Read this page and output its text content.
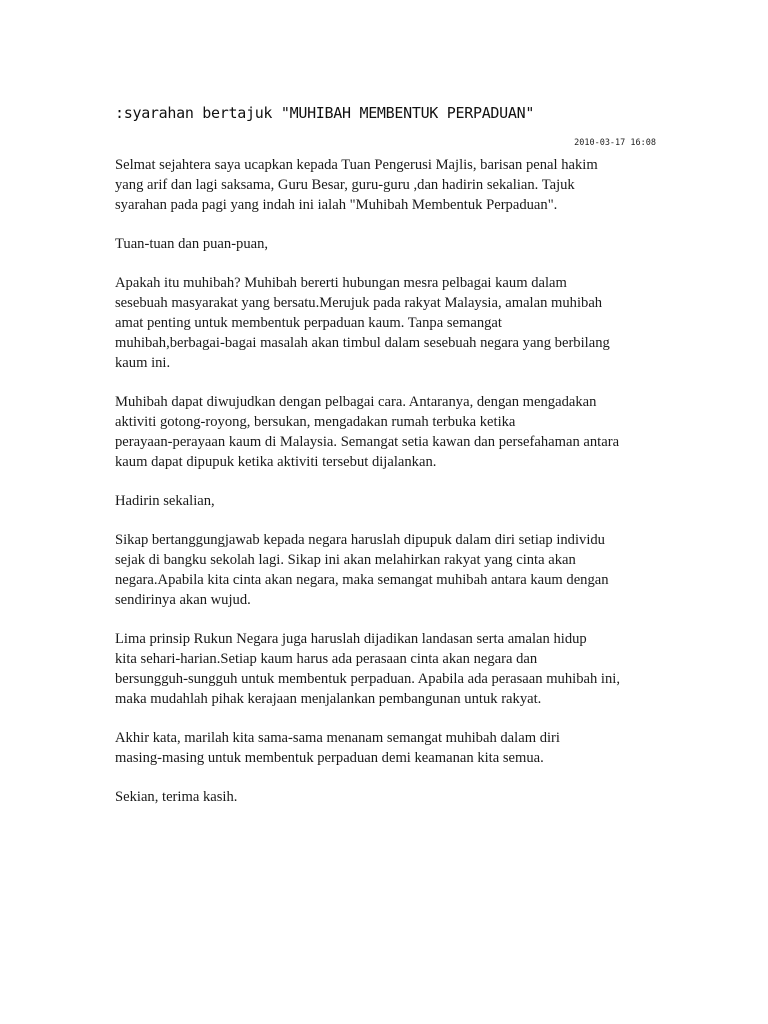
:syarahan bertajuk "MUHIBAH MEMBENTUK PERPADUAN"
2010-03-17 16:08

Selmat sejahtera saya ucapkan kepada Tuan Pengerusi Majlis, barisan penal hakim
yang arif dan lagi saksama, Guru Besar, guru-guru ,dan hadirin sekalian. Tajuk
syarahan pada pagi yang indah ini ialah "Muhibah Membentuk Perpaduan".

Tuan-tuan dan puan-puan,

Apakah itu muhibah? Muhibah bererti hubungan mesra pelbagai kaum dalam
sesebuah masyarakat yang bersatu.Merujuk pada rakyat Malaysia, amalan muhibah
amat penting untuk membentuk perpaduan kaum. Tanpa semangat
muhibah,berbagai-bagai masalah akan timbul dalam sesebuah negara yang berbilang
kaum ini.

Muhibah dapat diwujudkan dengan pelbagai cara. Antaranya, dengan mengadakan
aktiviti gotong-royong, bersukan, mengadakan rumah terbuka ketika
perayaan-perayaan kaum di Malaysia. Semangat setia kawan dan persefahaman antara
kaum dapat dipupuk ketika aktiviti tersebut dijalankan.

Hadirin sekalian,

Sikap bertanggungjawab kepada negara haruslah dipupuk dalam diri setiap individu
sejak di bangku sekolah lagi. Sikap ini akan melahirkan rakyat yang cinta akan
negara.Apabila kita cinta akan negara, maka semangat muhibah antara kaum dengan
sendirinya akan wujud.

Lima prinsip Rukun Negara juga haruslah dijadikan landasan serta amalan hidup
kita sehari-harian.Setiap kaum harus ada perasaan cinta akan negara dan
bersungguh-sungguh untuk membentuk perpaduan. Apabila ada perasaan muhibah ini,
maka mudahlah pihak kerajaan menjalankan pembangunan untuk rakyat.

Akhir kata, marilah kita sama-sama menanam semangat muhibah dalam diri
masing-masing untuk membentuk perpaduan demi keamanan kita semua.

Sekian, terima kasih.
